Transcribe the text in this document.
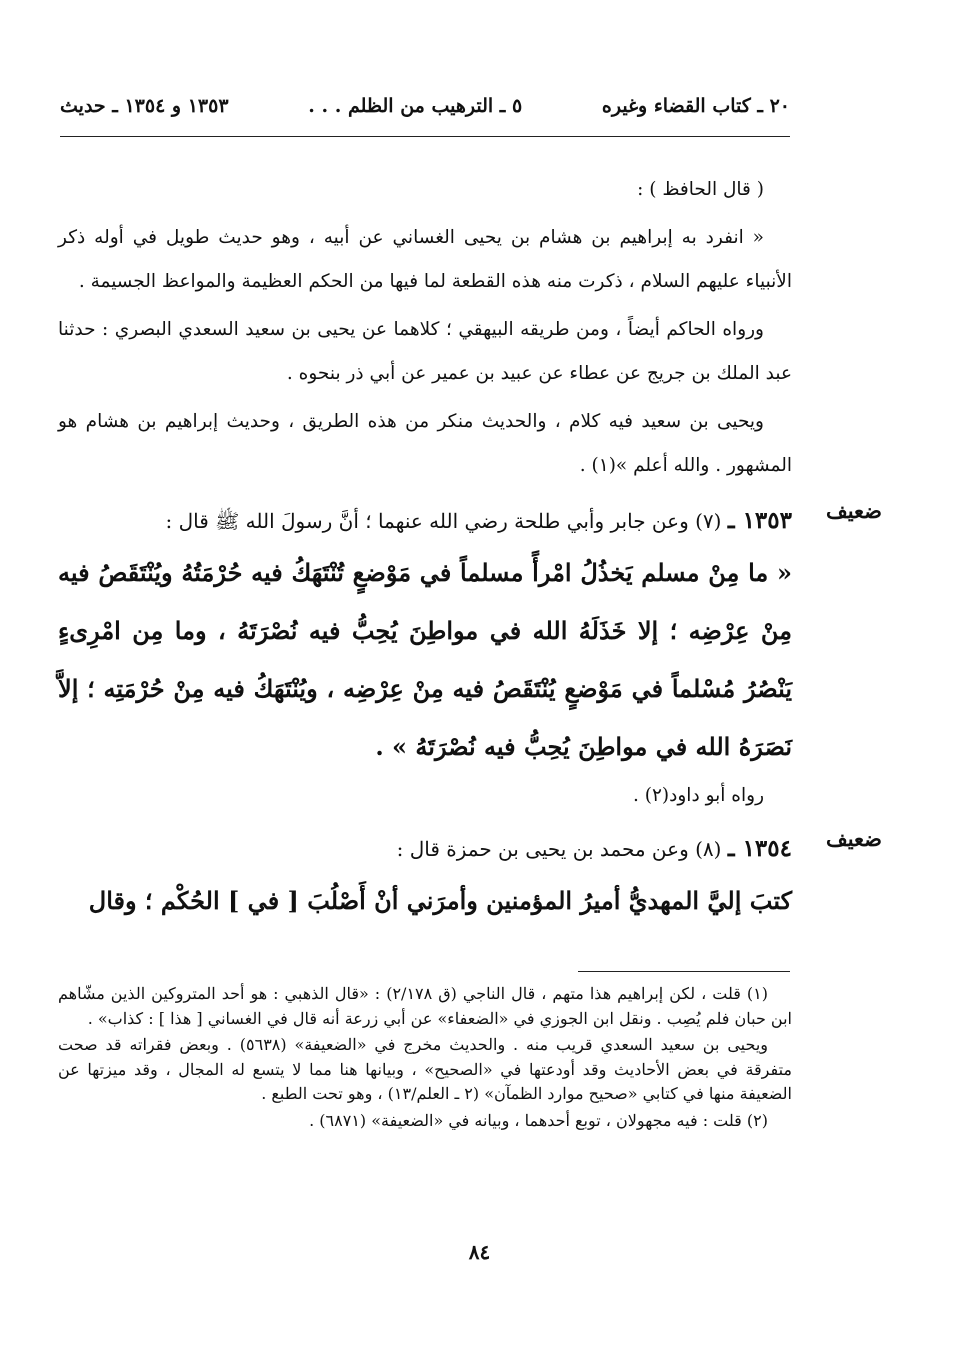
٢٠ ـ كتاب القضاء وغيره
٥ ـ الترهيب من الظلم . . .
١٣٥٣ و ١٣٥٤ ـ حديث

( قال الحافظ ) :

« انفرد به إبراهيم بن هشام بن يحيى الغساني عن أبيه ، وهو حديث طويل في أوله ذكر الأنبياء عليهم السلام ، ذكرت منه هذه القطعة لما فيها من الحكم العظيمة والمواعظ الجسيمة .

ورواه الحاكم أيضاً ، ومن طريقه البيهقي ؛ كلاهما عن يحيى بن سعيد السعدي البصري : حدثنا عبد الملك بن جريج عن عطاء عن عبيد بن عمير عن أبي ذر بنحوه .

ويحيى بن سعيد فيه كلام ، والحديث منكر من هذه الطريق ، وحديث إبراهيم بن هشام هو المشهور . والله أعلم »(١) .

ضعيف

١٣٥٣ ـ (٧) وعن جابر وأبي طلحة رضي الله عنهما ؛ أنَّ رسولَ الله ﷺ قال :

« ما مِنْ مسلم يَخذُلُ امْرأً مسلماً في مَوْضعٍ تُنْتَهَكُ فيه حُرْمَتُهُ ويُنْتَقَصُ فيه مِنْ عِرْضِه ؛ إلا خَذَلَهُ الله في مواطِنَ يُحِبُّ فيه نُصْرَتَهُ ، وما مِن امْرِىءٍ يَنْصُرُ مُسْلماً في مَوْضعٍ يُنْتَقَصُ فيه مِنْ عِرْضِه ، ويُنْتَهَكُ فيه مِنْ حُرْمَتِه ؛ إلاَّ نَصَرَهُ الله في مواطِنَ يُحِبُّ فيه نُصْرَتَهُ » .

رواه أبو داود(٢) .

ضعيف

١٣٥٤ ـ (٨) وعن محمد بن يحيى بن حمزة قال :

كتبَ إليَّ المهديُّ أميرُ المؤمنين وأمرَني أنْ أَصْلُبَ [ في ] الحُكْم ؛ وقال

(١) قلت ، لكن إبراهيم هذا متهم ، قال الناجي (ق ٢/١٧٨) : «قال الذهبي : هو أحد المتروكين الذين مشّاهم ابن حبان فلم يُصِب . ونقل ابن الجوزي في «الضعفاء» عن أبي زرعة أنه قال في الغساني [ هذا ] : كذاب» .

ويحيى بن سعيد السعدي قريب منه . والحديث مخرج في «الضعيفة» (٥٦٣٨) . وبعض فقراته قد صحت متفرقة في بعض الأحاديث وقد أودعتها في «الصحيح» ، وبيانها هنا مما لا يتسع له المجال ، وقد ميزتها عن الضعيفة منها في كتابي «صحيح موارد الظمآن» (٢ ـ العلم/١٣) ، وهو تحت الطبع .

(٢) قلت : فيه مجهولان ، توبع أحدهما ، وبيانه في «الضعيفة» (٦٨٧١) .

٨٤
